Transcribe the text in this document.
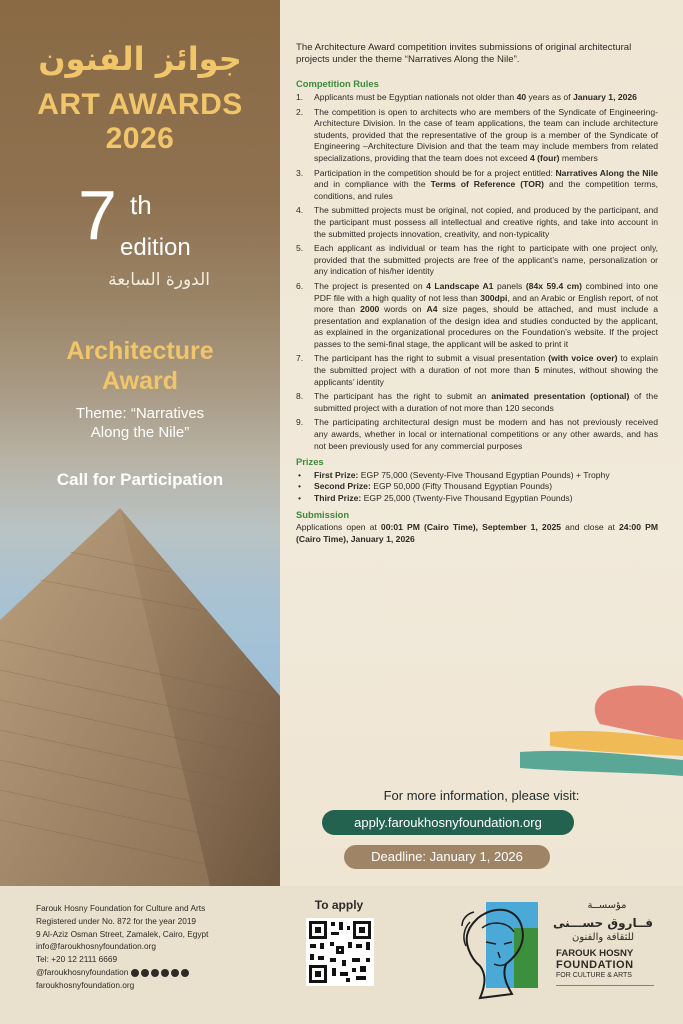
جوائز الفنون
ART AWARDS
2026
7 th
edition
الدورة السابعة
Architecture
Award
Theme: “Narratives
Along the Nile”
Call for Participation

The Architecture Award competition invites submissions of original architectural projects under the theme “Narratives Along the Nile”.

Competition Rules
1. Applicants must be Egyptian nationals not older than 40 years as of January 1, 2026
2. The competition is open to architects who are members of the Syndicate of Engineering- Architecture Division. In the case of team applications, the team can include architecture students, provided that the representative of the group is a member of the Syndicate of Engineering –Architecture Division and that the team may include members from related specializations, providing that the team does not exceed 4 (four) members
3. Participation in the competition should be for a project entitled: Narratives Along the Nile and in compliance with the Terms of Reference (TOR) and the competition terms, conditions, and rules
4. The submitted projects must be original, not copied, and produced by the participant, and the participant must possess all intellectual and creative rights, and take into account in the submitted projects innovation, creativity, and non-typicality
5. Each applicant as individual or team has the right to participate with one project only, provided that the submitted projects are free of the applicant’s name, personalization or any indication of his/her identity
6. The project is presented on 4 Landscape A1 panels (84x 59.4 cm) combined into one PDF file with a high quality of not less than 300dpi, and an Arabic or English report, of not more than 2000 words on A4 size pages, should be attached, and must include a presentation and explanation of the design idea and studies conducted by the applicant, as explained in the organizational procedures on the Foundation’s website. If the project passes to the semi-final stage, the applicant will be asked to print it
7. The participant has the right to submit a visual presentation (with voice over) to explain the submitted project with a duration of not more than 5 minutes, without showing the applicants’ identity
8. The participant has the right to submit an animated presentation (optional) of the submitted project with a duration of not more than 120 seconds
9. The participating architectural design must be modern and has not previously received any awards, whether in local or international competitions or any other awards, and has not been previously used for any commercial purposes
Prizes
• First Prize: EGP 75,000 (Seventy-Five Thousand Egyptian Pounds) + Trophy
• Second Prize: EGP 50,000 (Fifty Thousand Egyptian Pounds)
• Third Prize: EGP 25,000 (Twenty-Five Thousand Egyptian Pounds)
Submission

Applications open at 00:01 PM (Cairo Time), September 1, 2025 and close at 24:00 PM (Cairo Time), January 1, 2026

For more information, please visit:
apply.faroukhosnyfoundation.org
Deadline: January 1, 2026
Farouk Hosny Foundation for Culture and Arts
Registered under No. 872 for the year 2019
9 Al-Aziz Osman Street, Zamalek, Cairo, Egypt
info@faroukhosnyfoundation.org
Tel: +20 12 2111 6669
@faroukhosnyfoundation
faroukhosnyfoundation.org
To apply	مؤسســة
فــاروق حســـنى
للثقافة والفنون
FAROUK HOSNY
FOUNDATION
FOR CULTURE & ARTS
